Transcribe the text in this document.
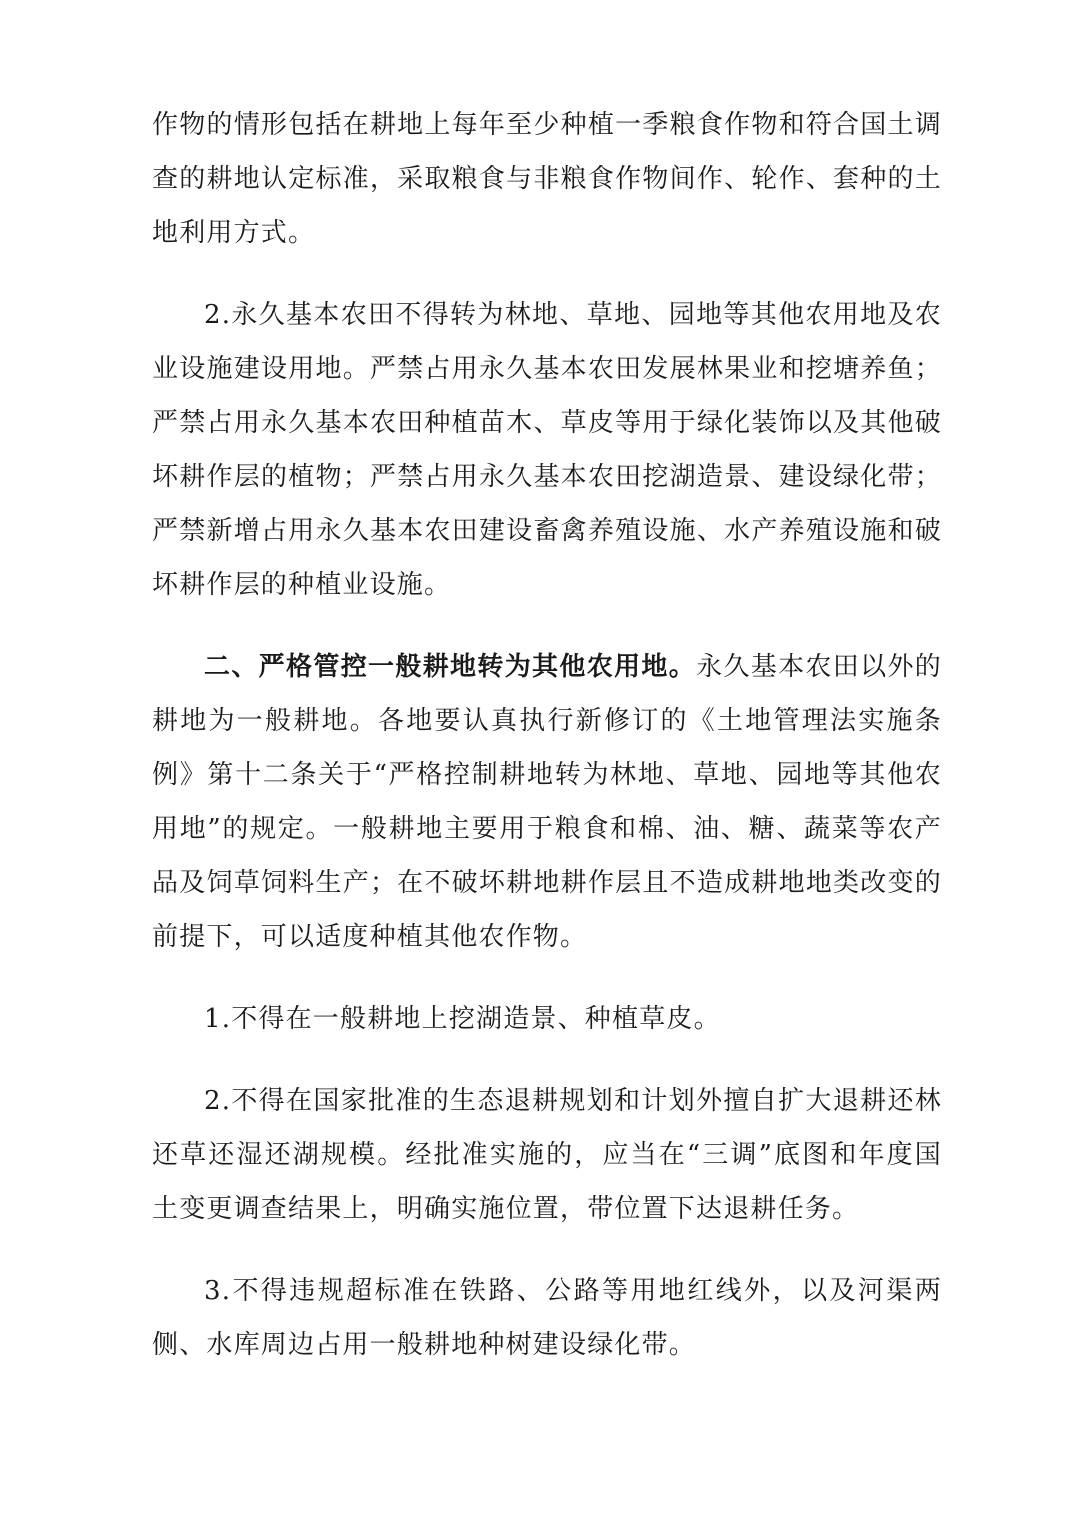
作物的情形包括在耕地上每年至少种植一季粮食作物和符合国土调查的耕地认定标准，采取粮食与非粮食作物间作、轮作、套种的土地利用方式。

2.永久基本农田不得转为林地、草地、园地等其他农用地及农业设施建设用地。严禁占用永久基本农田发展林果业和挖塘养鱼；严禁占用永久基本农田种植苗木、草皮等用于绿化装饰以及其他破坏耕作层的植物；严禁占用永久基本农田挖湖造景、建设绿化带；严禁新增占用永久基本农田建设畜禽养殖设施、水产养殖设施和破坏耕作层的种植业设施。

二、严格管控一般耕地转为其他农用地。永久基本农田以外的耕地为一般耕地。各地要认真执行新修订的《土地管理法实施条例》第十二条关于“严格控制耕地转为林地、草地、园地等其他农用地”的规定。一般耕地主要用于粮食和棉、油、糖、蔬菜等农产品及饲草饲料生产；在不破坏耕地耕作层且不造成耕地地类改变的前提下，可以适度种植其他农作物。

1.不得在一般耕地上挖湖造景、种植草皮。

2.不得在国家批准的生态退耕规划和计划外擅自扩大退耕还林还草还湿还湖规模。经批准实施的，应当在“三调”底图和年度国土变更调查结果上，明确实施位置，带位置下达退耕任务。

3.不得违规超标准在铁路、公路等用地红线外，以及河渠两侧、水库周边占用一般耕地种树建设绿化带。
